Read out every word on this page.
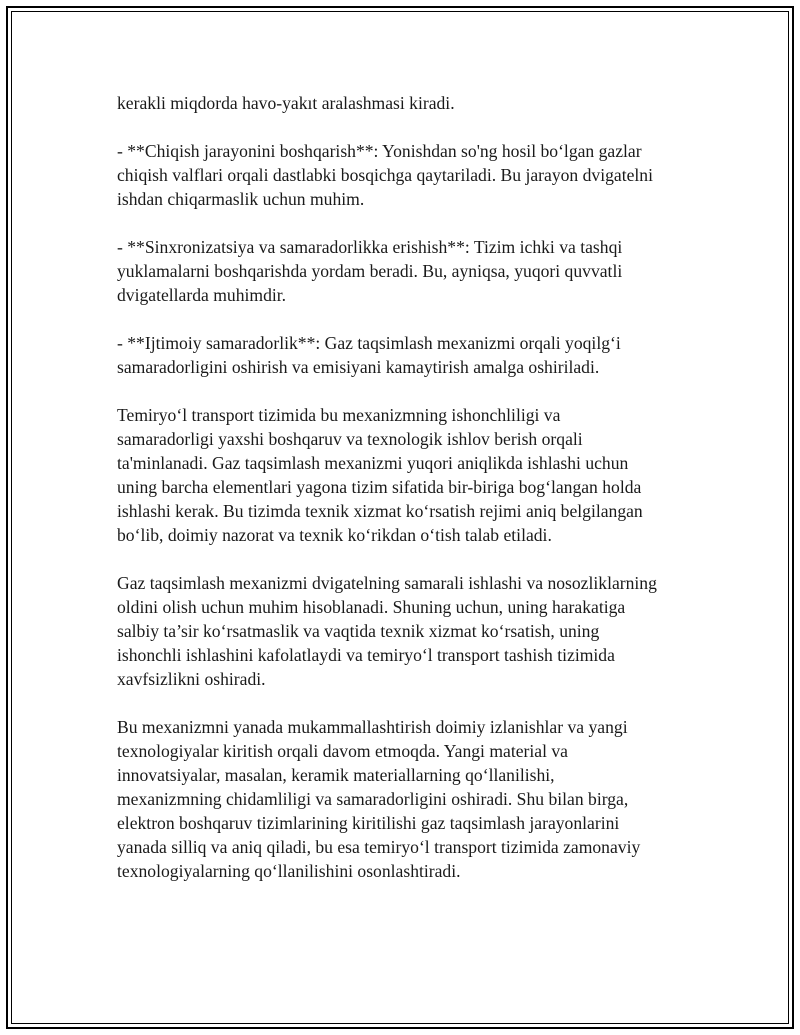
kerakli miqdorda havo-yakıt aralashmasi kiradi.

- **Chiqish jarayonini boshqarish**: Yonishdan so'ng hosil bo‘lgan gazlar
chiqish valflari orqali dastlabki bosqichga qaytariladi. Bu jarayon dvigatelni
ishdan chiqarmaslik uchun muhim.

- **Sinxronizatsiya va samaradorlikka erishish**: Tizim ichki va tashqi
yuklamalarni boshqarishda yordam beradi. Bu, ayniqsa, yuqori quvvatli
dvigatellarda muhimdir.

- **Ijtimoiy samaradorlik**: Gaz taqsimlash mexanizmi orqali yoqilg‘i
samaradorligini oshirish va emisiyani kamaytirish amalga oshiriladi.

Temiryo‘l transport tizimida bu mexanizmning ishonchliligi va
samaradorligi yaxshi boshqaruv va texnologik ishlov berish orqali
ta'minlanadi. Gaz taqsimlash mexanizmi yuqori aniqlikda ishlashi uchun
uning barcha elementlari yagona tizim sifatida bir-biriga bog‘langan holda
ishlashi kerak. Bu tizimda texnik xizmat ko‘rsatish rejimi aniq belgilangan
bo‘lib, doimiy nazorat va texnik ko‘rikdan o‘tish talab etiladi.

Gaz taqsimlash mexanizmi dvigatelning samarali ishlashi va nosozliklarning
oldini olish uchun muhim hisoblanadi. Shuning uchun, uning harakatiga
salbiy ta’sir ko‘rsatmaslik va vaqtida texnik xizmat ko‘rsatish, uning
ishonchli ishlashini kafolatlaydi va temiryo‘l transport tashish tizimida
xavfsizlikni oshiradi.

Bu mexanizmni yanada mukammallashtirish doimiy izlanishlar va yangi
texnologiyalar kiritish orqali davom etmoqda. Yangi material va
innovatsiyalar, masalan, keramik materiallarning qo‘llanilishi,
mexanizmning chidamliligi va samaradorligini oshiradi. Shu bilan birga,
elektron boshqaruv tizimlarining kiritilishi gaz taqsimlash jarayonlarini
yanada silliq va aniq qiladi, bu esa temiryo‘l transport tizimida zamonaviy
texnologiyalarning qo‘llanilishini osonlashtiradi.
